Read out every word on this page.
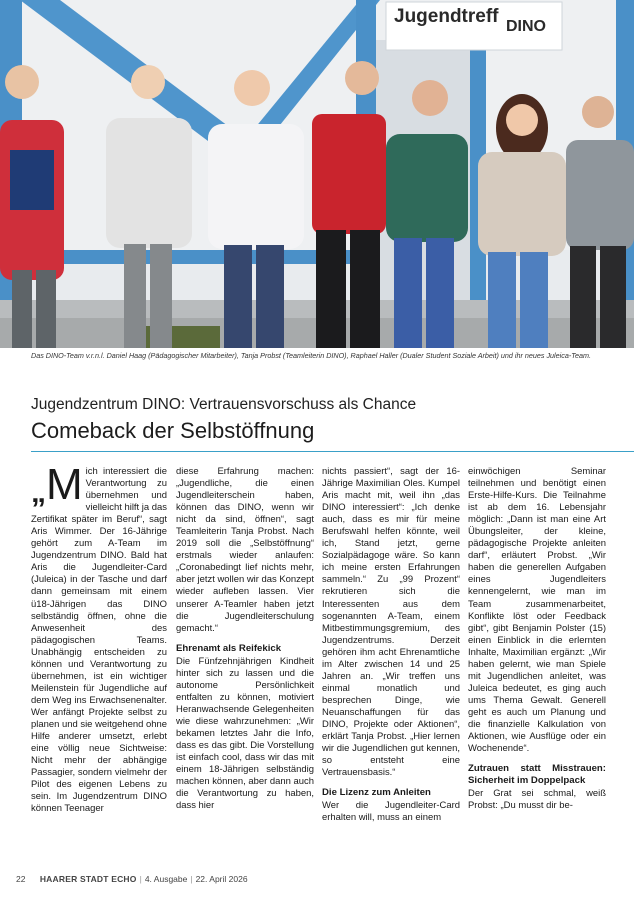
Jugendtreff DINO
Das DINO-Team v.r.n.l. Daniel Haag (Pädagogischer Mitarbeiter), Tanja Probst (Teamleiterin DINO), Raphael Haller (Dualer Student Soziale Arbeit) und ihr neues Juleica-Team.
Jugendzentrum DINO: Vertrauensvorschuss als Chance
Comeback der Selbstöffnung

„ M ich interessiert die Verantwortung zu übernehmen und vielleicht hilft ja das Zertifikat später im Beruf“, sagt Aris Wimmer. Der 16-Jährige gehört zum A-Team im Jugendzentrum DINO. Bald hat Aris die Jugendleiter-Card (Juleica) in der Tasche und darf dann gemeinsam mit einem ü18-Jährigen das DINO selbständig öffnen, ohne die Anwesenheit des pädagogischen Teams. Unabhängig entscheiden zu können und Verantwortung zu übernehmen, ist ein wichtiger Meilenstein für Jugendliche auf dem Weg ins Erwachsenenalter. Wer anfängt Projekte selbst zu planen und sie weitgehend ohne Hilfe anderer umsetzt, erlebt eine völlig neue Sichtweise: Nicht mehr der abhängige Passagier, sondern vielmehr der Pilot des eigenen Lebens zu sein. Im Jugendzentrum DINO können Teenager

diese Erfahrung machen: „Jugendliche, die einen Jugendleiterschein haben, können das DINO, wenn wir nicht da sind, öffnen“, sagt Teamleiterin Tanja Probst. Nach 2019 soll die „Selbstöffnung“ erstmals wieder anlaufen: „Coronabedingt lief nichts mehr, aber jetzt wollen wir das Konzept wieder aufleben lassen. Vier unserer A-Teamler haben jetzt die Jugendleiterschulung gemacht.“

Ehrenamt als Reifekick

Die Fünfzehnjährigen Kindheit hinter sich zu lassen und die autonome Persönlichkeit entfalten zu können, motiviert Heranwachsende Gelegenheiten wie diese wahrzunehmen: „Wir bekamen letztes Jahr die Info, dass es das gibt. Die Vorstellung ist einfach cool, dass wir das mit einem 18-Jährigen selbständig machen können, aber dann auch die Verantwortung zu haben, dass hier

nichts passiert“, sagt der 16-Jährige Maximilian Oles. Kumpel Aris macht mit, weil ihn „das DINO interessiert“: „Ich denke auch, dass es mir für meine Berufswahl helfen könnte, weil ich, Stand jetzt, gerne Sozialpädagoge wäre. So kann ich meine ersten Erfahrungen sammeln.“ Zu „99 Prozent“ rekrutieren sich die Interessenten aus dem sogenannten A-Team, einem Mitbestimmungsgremium, des Jugendzentrums. Derzeit gehören ihm acht Ehrenamtliche im Alter zwischen 14 und 25 Jahren an. „Wir treffen uns einmal monatlich und besprechen Dinge, wie Neuanschaffungen für das DINO, Projekte oder Aktionen“, erklärt Tanja Probst. „Hier lernen wir die Jugendlichen gut kennen, so entsteht eine Vertrauensbasis.“

Die Lizenz zum Anleiten

Wer die Jugendleiter-Card erhalten will, muss an einem

einwöchigen Seminar teilnehmen und benötigt einen Erste-Hilfe-Kurs. Die Teilnahme ist ab dem 16. Lebensjahr möglich: „Dann ist man eine Art Übungsleiter, der kleine, pädagogische Projekte anleiten darf“, erläutert Probst. „Wir haben die generellen Aufgaben eines Jugendleiters kennengelernt, wie man im Team zusammenarbeitet, Konflikte löst oder Feedback gibt“, gibt Benjamin Polster (15) einen Einblick in die erlernten Inhalte, Maximilian ergänzt: „Wir haben gelernt, wie man Spiele mit Jugendlichen anleitet, was Juleica bedeutet, es ging auch ums Thema Gewalt. Generell geht es auch um Planung und die finanzielle Kalkulation von Aktionen, wie Ausflüge oder ein Wochenende“.

Zutrauen statt Misstrauen: Sicherheit im Doppelpack

Der Grat sei schmal, weiß Probst: „Du musst dir be-

22 HAARER STADT ECHO | 4. Ausgabe | 22. April 2026
